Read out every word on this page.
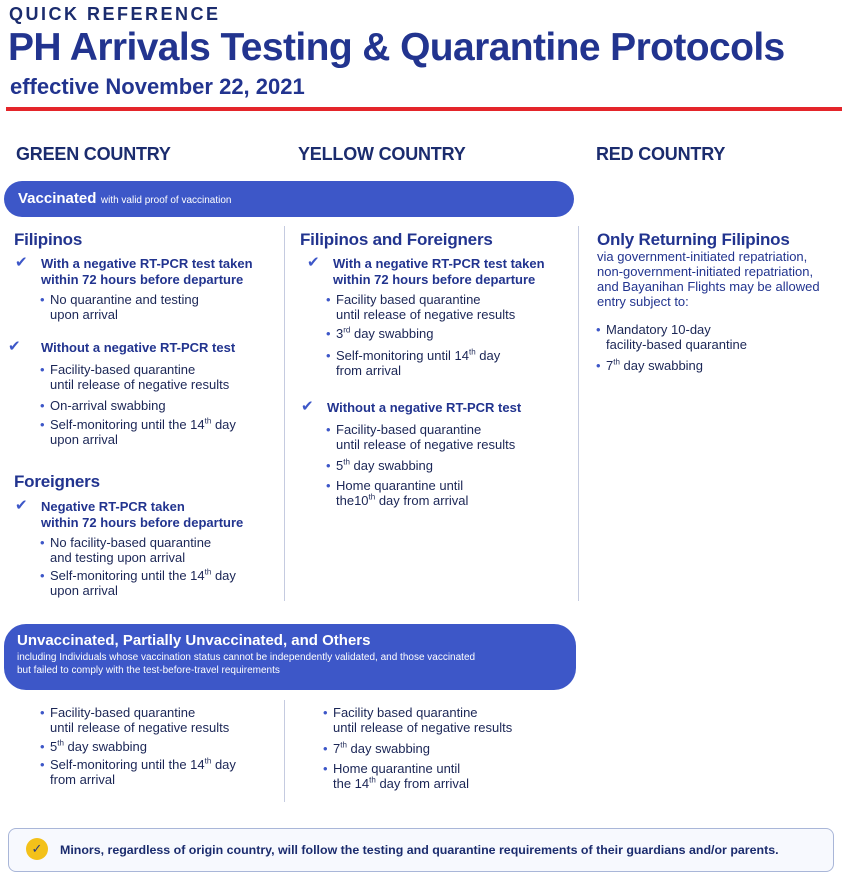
QUICK REFERENCE
PH Arrivals Testing & Quarantine Protocols
effective November 22, 2021
GREEN COUNTRY	YELLOW COUNTRY	RED COUNTRY
Vaccinated with valid proof of vaccination
Filipinos
✔ With a negative RT-PCR test taken
within 72 hours before departure
• No quarantine and testing
upon arrival
✔ Without a negative RT-PCR test
• Facility-based quarantine
until release of negative results
• On-arrival swabbing
• Self-monitoring until the 14th day
upon arrival
Foreigners
✔ Negative RT-PCR taken
within 72 hours before departure
• No facility-based quarantine
and testing upon arrival
• Self-monitoring until the 14th day
upon arrival
Filipinos and Foreigners
✔ With a negative RT-PCR test taken
within 72 hours before departure
• Facility based quarantine
until release of negative results
• 3rd day swabbing
• Self-monitoring until 14th day
from arrival
✔ Without a negative RT-PCR test
• Facility-based quarantine
until release of negative results
• 5th day swabbing
• Home quarantine until
the10th day from arrival
Only Returning Filipinos
via government-initiated repatriation,
non-government-initiated repatriation,
and Bayanihan Flights may be allowed
entry subject to:
• Mandatory 10-day
facility-based quarantine
• 7th day swabbing
Unvaccinated, Partially Unvaccinated, and Others
including Individuals whose vaccination status cannot be independently validated, and those vaccinated
but failed to comply with the test-before-travel requirements
• Facility-based quarantine
until release of negative results
• 5th day swabbing
• Self-monitoring until the 14th day
from arrival
• Facility based quarantine
until release of negative results
• 7th day swabbing
• Home quarantine until
the 14th day from arrival
✓	Minors, regardless of origin country, will follow the testing and quarantine requirements of their guardians and/or parents.
